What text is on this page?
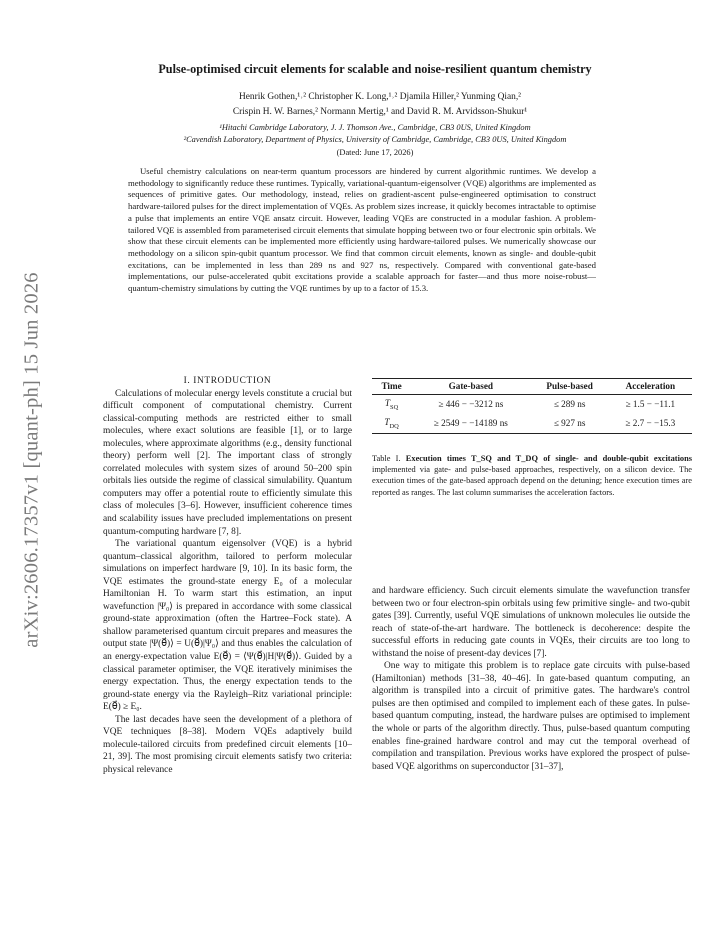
arXiv:2606.17357v1 [quant-ph] 15 Jun 2026
Pulse-optimised circuit elements for scalable and noise-resilient quantum chemistry
Henrik Gothen,¹˒² Christopher K. Long,¹˒² Djamila Hiller,² Yunming Qian,²
Crispin H. W. Barnes,² Normann Mertig,¹ and David R. M. Arvidsson-Shukur¹
¹Hitachi Cambridge Laboratory, J. J. Thomson Ave., Cambridge, CB3 0US, United Kingdom
²Cavendish Laboratory, Department of Physics, University of Cambridge, Cambridge, CB3 0US, United Kingdom
(Dated: June 17, 2026)
Useful chemistry calculations on near-term quantum processors are hindered by current algorithmic runtimes. We develop a methodology to significantly reduce these runtimes. Typically, variational-quantum-eigensolver (VQE) algorithms are implemented as sequences of primitive gates. Our methodology, instead, relies on gradient-ascent pulse-engineered optimisation to construct hardware-tailored pulses for the direct implementation of VQEs. As problem sizes increase, it quickly becomes intractable to optimise a pulse that implements an entire VQE ansatz circuit. However, leading VQEs are constructed in a modular fashion. A problem-tailored VQE is assembled from parameterised circuit elements that simulate hopping between two or four electronic spin orbitals. We show that these circuit elements can be implemented more efficiently using hardware-tailored pulses. We numerically showcase our methodology on a silicon spin-qubit quantum processor. We find that common circuit elements, known as single- and double-qubit excitations, can be implemented in less than 289 ns and 927 ns, respectively. Compared with conventional gate-based implementations, our pulse-accelerated qubit excitations provide a scalable approach for faster—and thus more noise-robust—quantum-chemistry simulations by cutting the VQE runtimes by up to a factor of 15.3.

I. INTRODUCTION

Calculations of molecular energy levels constitute a crucial but difficult component of computational chemistry. Current classical-computing methods are restricted either to small molecules, where exact solutions are feasible [1], or to large molecules, where approximate algorithms (e.g., density functional theory) perform well [2]. The important class of strongly correlated molecules with system sizes of around 50–200 spin orbitals lies outside the regime of classical simulability. Quantum computers may offer a potential route to efficiently simulate this class of molecules [3–6]. However, insufficient coherence times and scalability issues have precluded implementations on present quantum-computing hardware [7, 8].

The variational quantum eigensolver (VQE) is a hybrid quantum–classical algorithm, tailored to perform molecular simulations on imperfect hardware [9, 10]. In its basic form, the VQE estimates the ground-state energy E₀ of a molecular Hamiltonian H. To warm start this estimation, an input wavefunction |Ψ₀⟩ is prepared in accordance with some classical ground-state approximation (often the Hartree–Fock state). A shallow parameterised quantum circuit prepares and measures the output state |Ψ(θ⃗)⟩ = U(θ⃗)|Ψ₀⟩ and thus enables the calculation of an energy-expectation value E(θ⃗) = ⟨Ψ(θ⃗)|H|Ψ(θ⃗)⟩. Guided by a classical parameter optimiser, the VQE iteratively minimises the energy expectation. Thus, the energy expectation tends to the ground-state energy via the Rayleigh–Ritz variational principle: E(θ⃗) ≥ E₀.

The last decades have seen the development of a plethora of VQE techniques [8–38]. Modern VQEs adaptively build molecule-tailored circuits from predefined circuit elements [10–21, 39]. The most promising circuit elements satisfy two criteria: physical relevance

Time	Gate-based	Pulse-based	Acceleration
$T_{SQ}$	≥ 446 − −3212 ns	≤ 289 ns	≥ 1.5 − −11.1
$T_{DQ}$	≥ 2549 − −14189 ns	≤ 927 ns	≥ 2.7 − −15.3
Table I. Execution times T_SQ and T_DQ of single- and double-qubit excitations implemented via gate- and pulse-based approaches, respectively, on a silicon device. The execution times of the gate-based approach depend on the detuning; hence execution times are reported as ranges. The last column summarises the acceleration factors.

and hardware efficiency. Such circuit elements simulate the wavefunction transfer between two or four electron-spin orbitals using few primitive single- and two-qubit gates [39]. Currently, useful VQE simulations of unknown molecules lie outside the reach of state-of-the-art hardware. The bottleneck is decoherence: despite the successful efforts in reducing gate counts in VQEs, their circuits are too long to withstand the noise of present-day devices [7].

One way to mitigate this problem is to replace gate circuits with pulse-based (Hamiltonian) methods [31–38, 40–46]. In gate-based quantum computing, an algorithm is transpiled into a circuit of primitive gates. The hardware's control pulses are then optimised and compiled to implement each of these gates. In pulse-based quantum computing, instead, the hardware pulses are optimised to implement the whole or parts of the algorithm directly. Thus, pulse-based quantum computing enables fine-grained hardware control and may cut the temporal overhead of compilation and transpilation. Previous works have explored the prospect of pulse-based VQE algorithms on superconductor [31–37],
